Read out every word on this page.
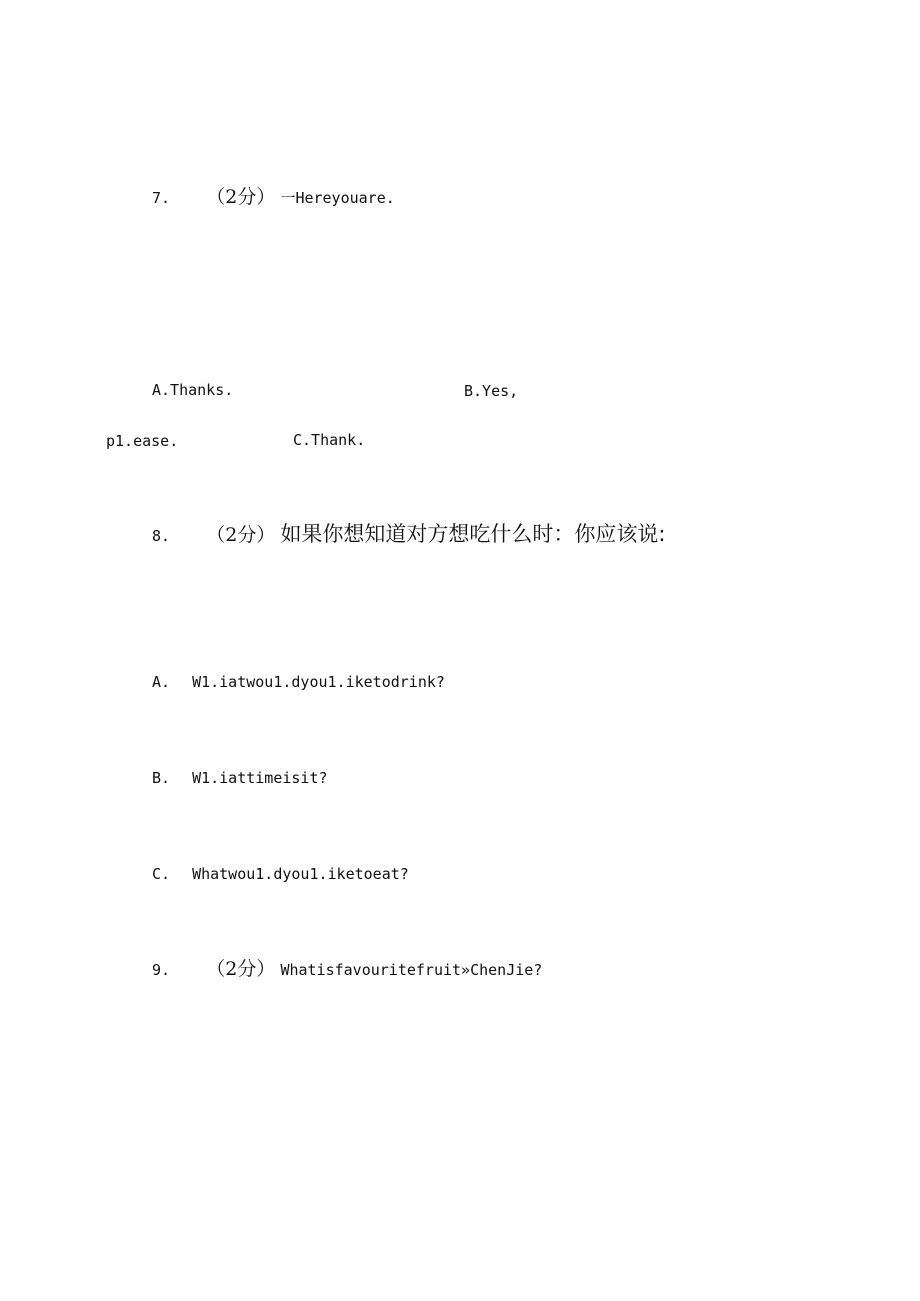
7. （2分） 一Hereyouare.
A.Thanks.	B.Yes,
p1.ease.	C.Thank.
8. （2分） 如果你想知道对方想吃什么时：你应该说:
A. W1.iatwou1.dyou1.iketodrink?
B. W1.iattimeisit?
C. Whatwou1.dyou1.iketoeat?
9. （2分） Whatisfavouritefruit»ChenJie?
